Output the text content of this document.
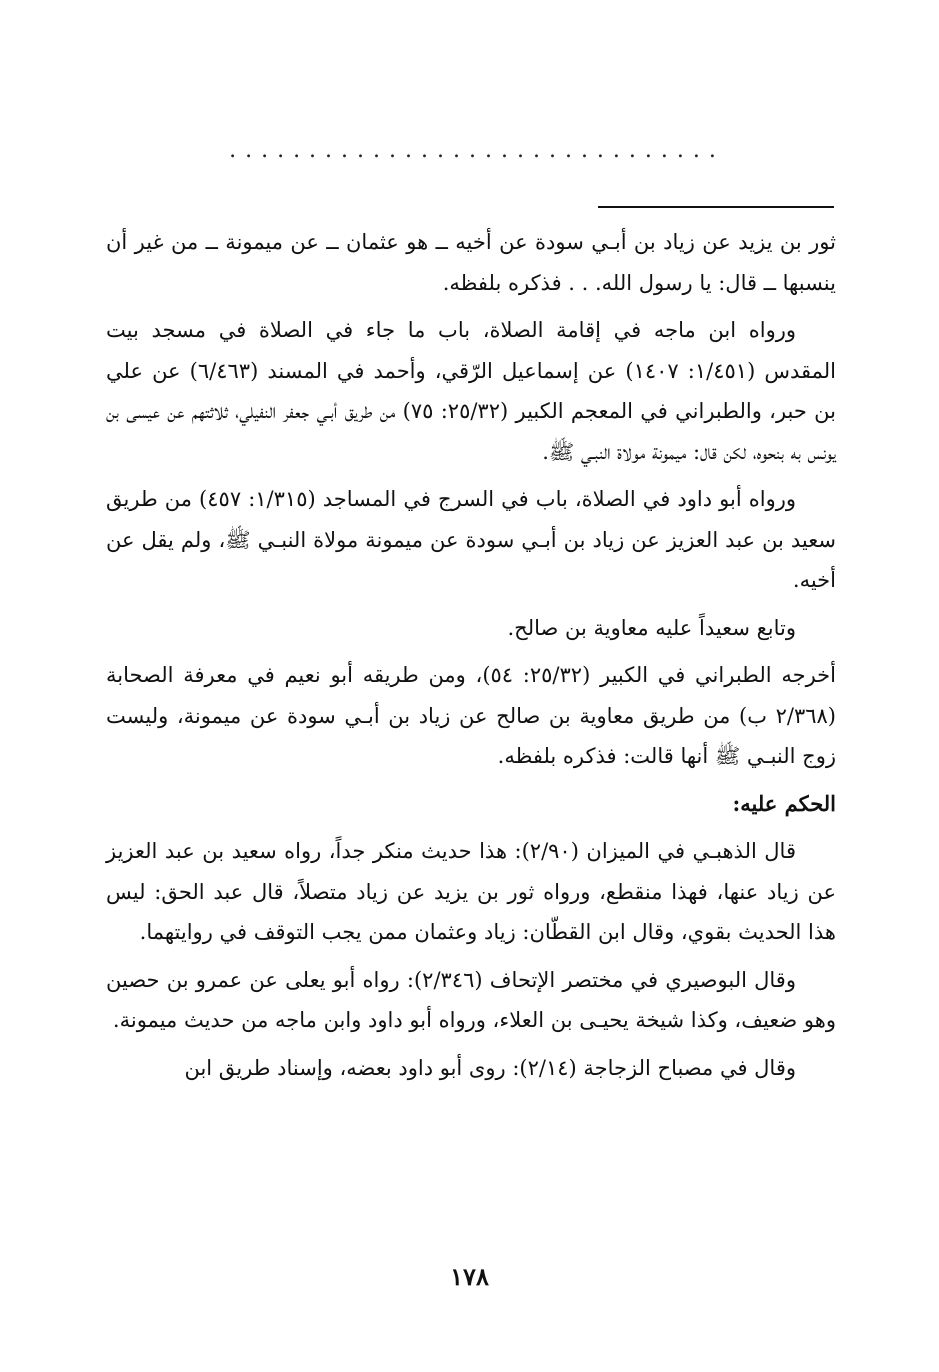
...............................

ثور بن يزيد عن زياد بن أبـي سودة عن أخيه ــ هو عثمان ــ عن ميمونة ــ من غير أن ينسبها ــ قال: يا رسول الله. . . فذكره بلفظه.

ورواه ابن ماجه في إقامة الصلاة، باب ما جاء في الصلاة في مسجد بيت المقدس (١/٤٥١: ١٤٠٧) عن إسماعيل الرّقي، وأحمد في المسند (٦/٤٦٣) عن علي بن حبر، والطبراني في المعجم الكبير (٢٥/٣٢: ٧٥) من طريق أبـي جعفر النفيلي، ثلاثتهم عن عيسى بن يونس به بنحوه، لكن قال: ميمونة مولاة النبـي ﷺ.

ورواه أبو داود في الصلاة، باب في السرج في المساجد (١/٣١٥: ٤٥٧) من طريق سعيد بن عبد العزيز عن زياد بن أبـي سودة عن ميمونة مولاة النبـي ﷺ، ولم يقل عن أخيه.

وتابع سعيداً عليه معاوية بن صالح.

أخرجه الطبراني في الكبير (٢٥/٣٢: ٥٤)، ومن طريقه أبو نعيم في معرفة الصحابة (٢/٣٦٨ ب) من طريق معاوية بن صالح عن زياد بن أبـي سودة عن ميمونة، وليست زوج النبـي ﷺ أنها قالت: فذكره بلفظه.

الحكم عليه:

قال الذهبـي في الميزان (٢/٩٠): هذا حديث منكر جداً، رواه سعيد بن عبد العزيز عن زياد عنها، فهذا منقطع، ورواه ثور بن يزيد عن زياد متصلاً، قال عبد الحق: ليس هذا الحديث بقوي، وقال ابن القطّان: زياد وعثمان ممن يجب التوقف في روايتهما.

وقال البوصيري في مختصر الإتحاف (٢/٣٤٦): رواه أبو يعلى عن عمرو بن حصين وهو ضعيف، وكذا شيخة يحيـى بن العلاء، ورواه أبو داود وابن ماجه من حديث ميمونة.

وقال في مصباح الزجاجة (٢/١٤): روى أبو داود بعضه، وإسناد طريق ابن

١٧٨
